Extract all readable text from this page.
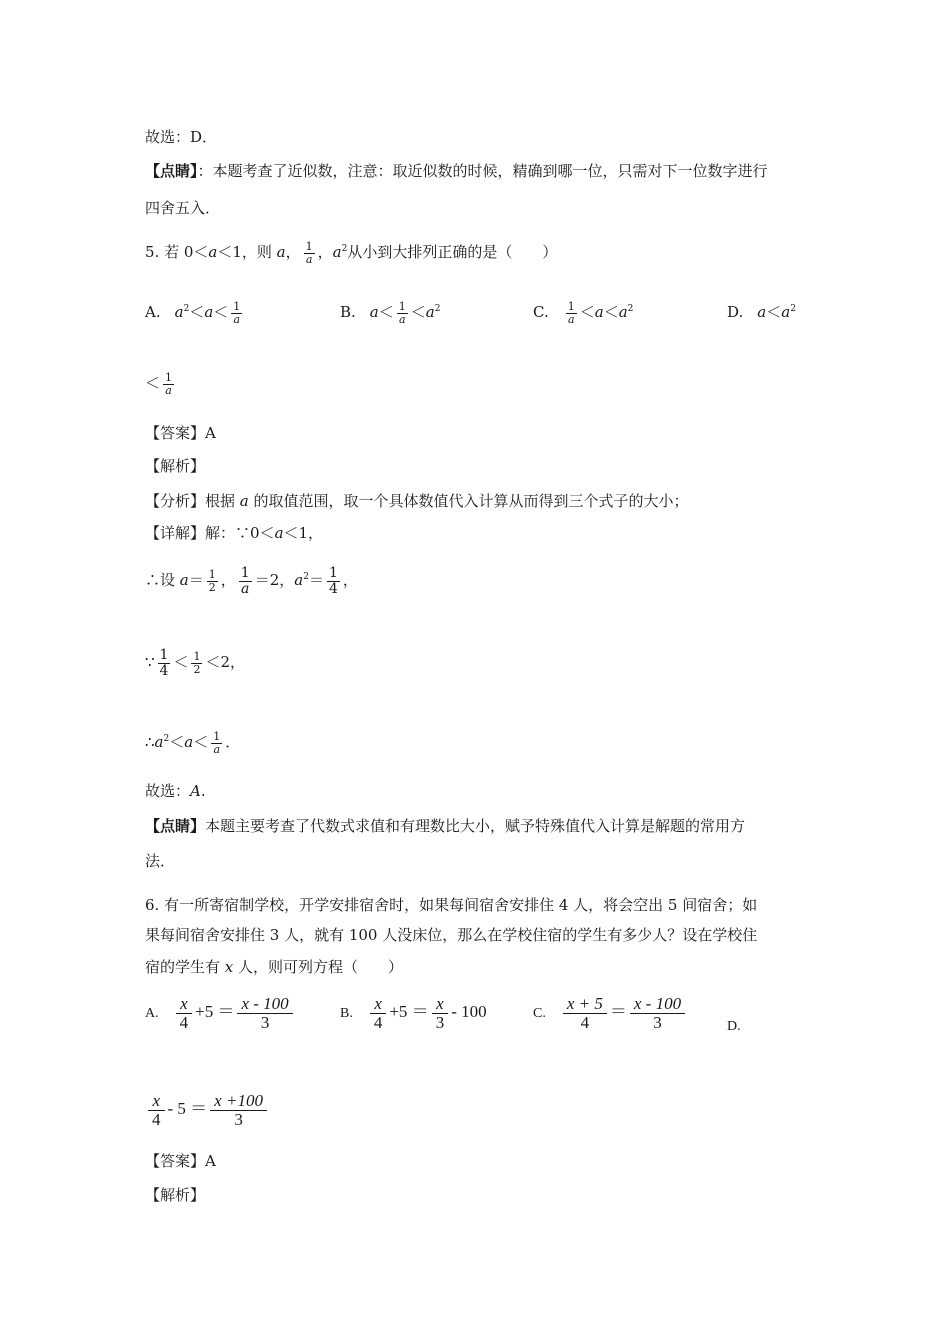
故选：D．
【点睛】：本题考查了近似数，注意：取近似数的时候，精确到哪一位，只需对下一位数字进行
四舍五入．
5. 若 0＜a＜1，则 a， $\frac{1}{a}$ ，$a^2$从小到大排列正确的是（　　）
A. $a^2<a< \frac{1}{a}$	B. $a< \frac{1}{a} <a^2$	C. $\frac{1}{a} <a<a^2$	D. $a<a^2$
＜ $\frac{1}{a}$
【答案】A
【解析】
【分析】根据 a 的取值范围，取一个具体数值代入计算从而得到三个式子的大小；
【详解】解：∵0＜a＜1，
∴设 $a= \frac{1}{2}$ ， $\frac{1}{a} =2$，$a^2= \frac{1}{4}$ ，
∵ $\frac{1}{4} < \frac{1}{2} <2$，
$\therefore a^2<a< \frac{1}{a}$ ．
故选：A.
【点睛】本题主要考查了代数式求值和有理数比大小，赋予特殊值代入计算是解题的常用方
法．
6. 有一所寄宿制学校，开学安排宿舍时，如果每间宿舍安排住 4 人，将会空出 5 间宿舍；如
果每间宿舍安排住 3 人，就有 100 人没床位，那么在学校住宿的学生有多少人？设在学校住
宿的学生有 x 人，则可列方程（　　）
A. $\frac{x}{4} +5 = \frac{x - 100}{3}$	B. $\frac{x}{4} +5 = \frac{x}{3} - 100$	C. $\frac{x + 5}{4} = \frac{x - 100}{3}$	D.
$\frac{x}{4} - 5 = \frac{x +100}{3}$
【答案】A
【解析】
